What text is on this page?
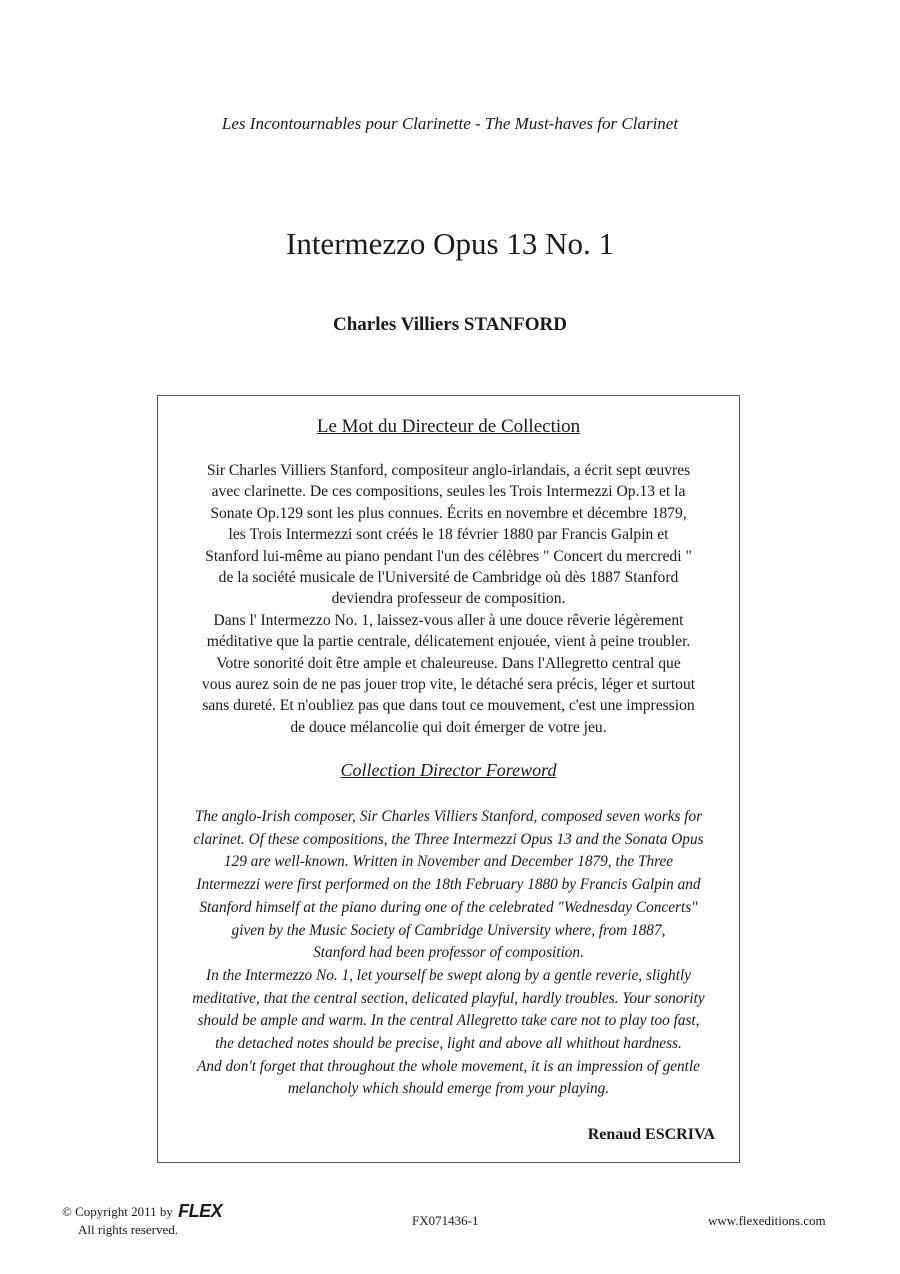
Les Incontournables pour Clarinette - The Must-haves for Clarinet
Intermezzo Opus 13 No. 1
Charles Villiers STANFORD
Le Mot du Directeur de Collection
Sir Charles Villiers Stanford, compositeur anglo-irlandais, a écrit sept œuvres
avec clarinette. De ces compositions, seules les Trois Intermezzi Op.13 et la
Sonate Op.129 sont les plus connues. Écrits en novembre et décembre 1879,
les Trois Intermezzi sont créés le 18 février 1880 par Francis Galpin et
Stanford lui-même au piano pendant l'un des célèbres " Concert du mercredi "
de la société musicale de l'Université de Cambridge où dès 1887 Stanford
deviendra professeur de composition.
Dans l' Intermezzo No. 1, laissez-vous aller à une douce rêverie légèrement
méditative que la partie centrale, délicatement enjouée, vient à peine troubler.
Votre sonorité doit être ample et chaleureuse. Dans l'Allegretto central que
vous aurez soin de ne pas jouer trop vite, le détaché sera précis, léger et surtout
sans dureté. Et n'oubliez pas que dans tout ce mouvement, c'est une impression
de douce mélancolie qui doit émerger de votre jeu.
Collection Director Foreword
The anglo-Irish composer, Sir Charles Villiers Stanford, composed seven works for
clarinet. Of these compositions, the Three Intermezzi Opus 13 and the Sonata Opus
129 are well-known. Written in November and December 1879, the Three
Intermezzi were first performed on the 18th February 1880 by Francis Galpin and
Stanford himself at the piano during one of the celebrated "Wednesday Concerts"
given by the Music Society of Cambridge University where, from 1887,
Stanford had been professor of composition.
In the Intermezzo No. 1, let yourself be swept along by a gentle reverie, slightly
meditative, that the central section, delicated playful, hardly troubles. Your sonority
should be ample and warm. In the central Allegretto take care not to play too fast,
the detached notes should be precise, light and above all whithout hardness.
And don't forget that throughout the whole movement, it is an impression of gentle
melancholy which should emerge from your playing.
Renaud ESCRIVA
© Copyright 2011 by FLEX
All rights reserved.
FX071436-1	www.flexeditions.com
